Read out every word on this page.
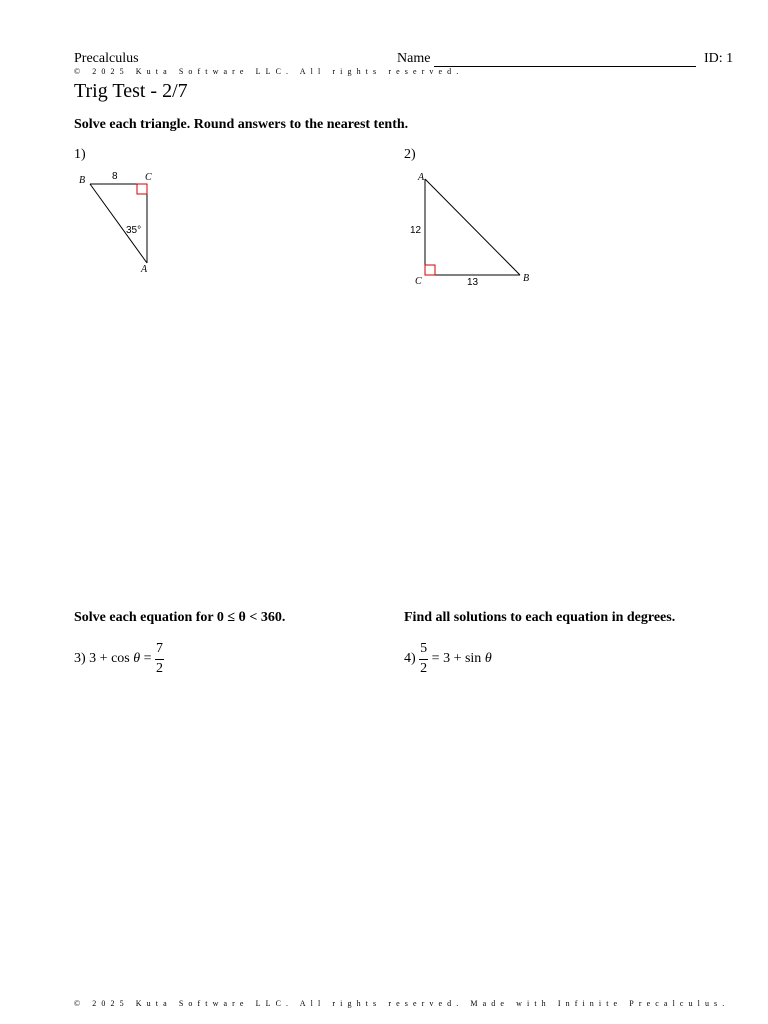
Precalculus	Name	ID: 1
© 2025 Kuta Software LLC. All rights reserved.
Trig Test - 2/7
Solve each triangle. Round answers to the nearest tenth.
1)
B	C
A
8
35°
2)
A
C	B
12
13
Solve each equation for 0 ≤ θ < 360.
3) $3 + \cos \theta = \frac{7}{2}$
Find all solutions to each equation in degrees.
$4) \frac{5}{2} = 3 + \sin \theta$
© 2025 Kuta Software LLC. All rights reserved. Made with Infinite Precalculus.
